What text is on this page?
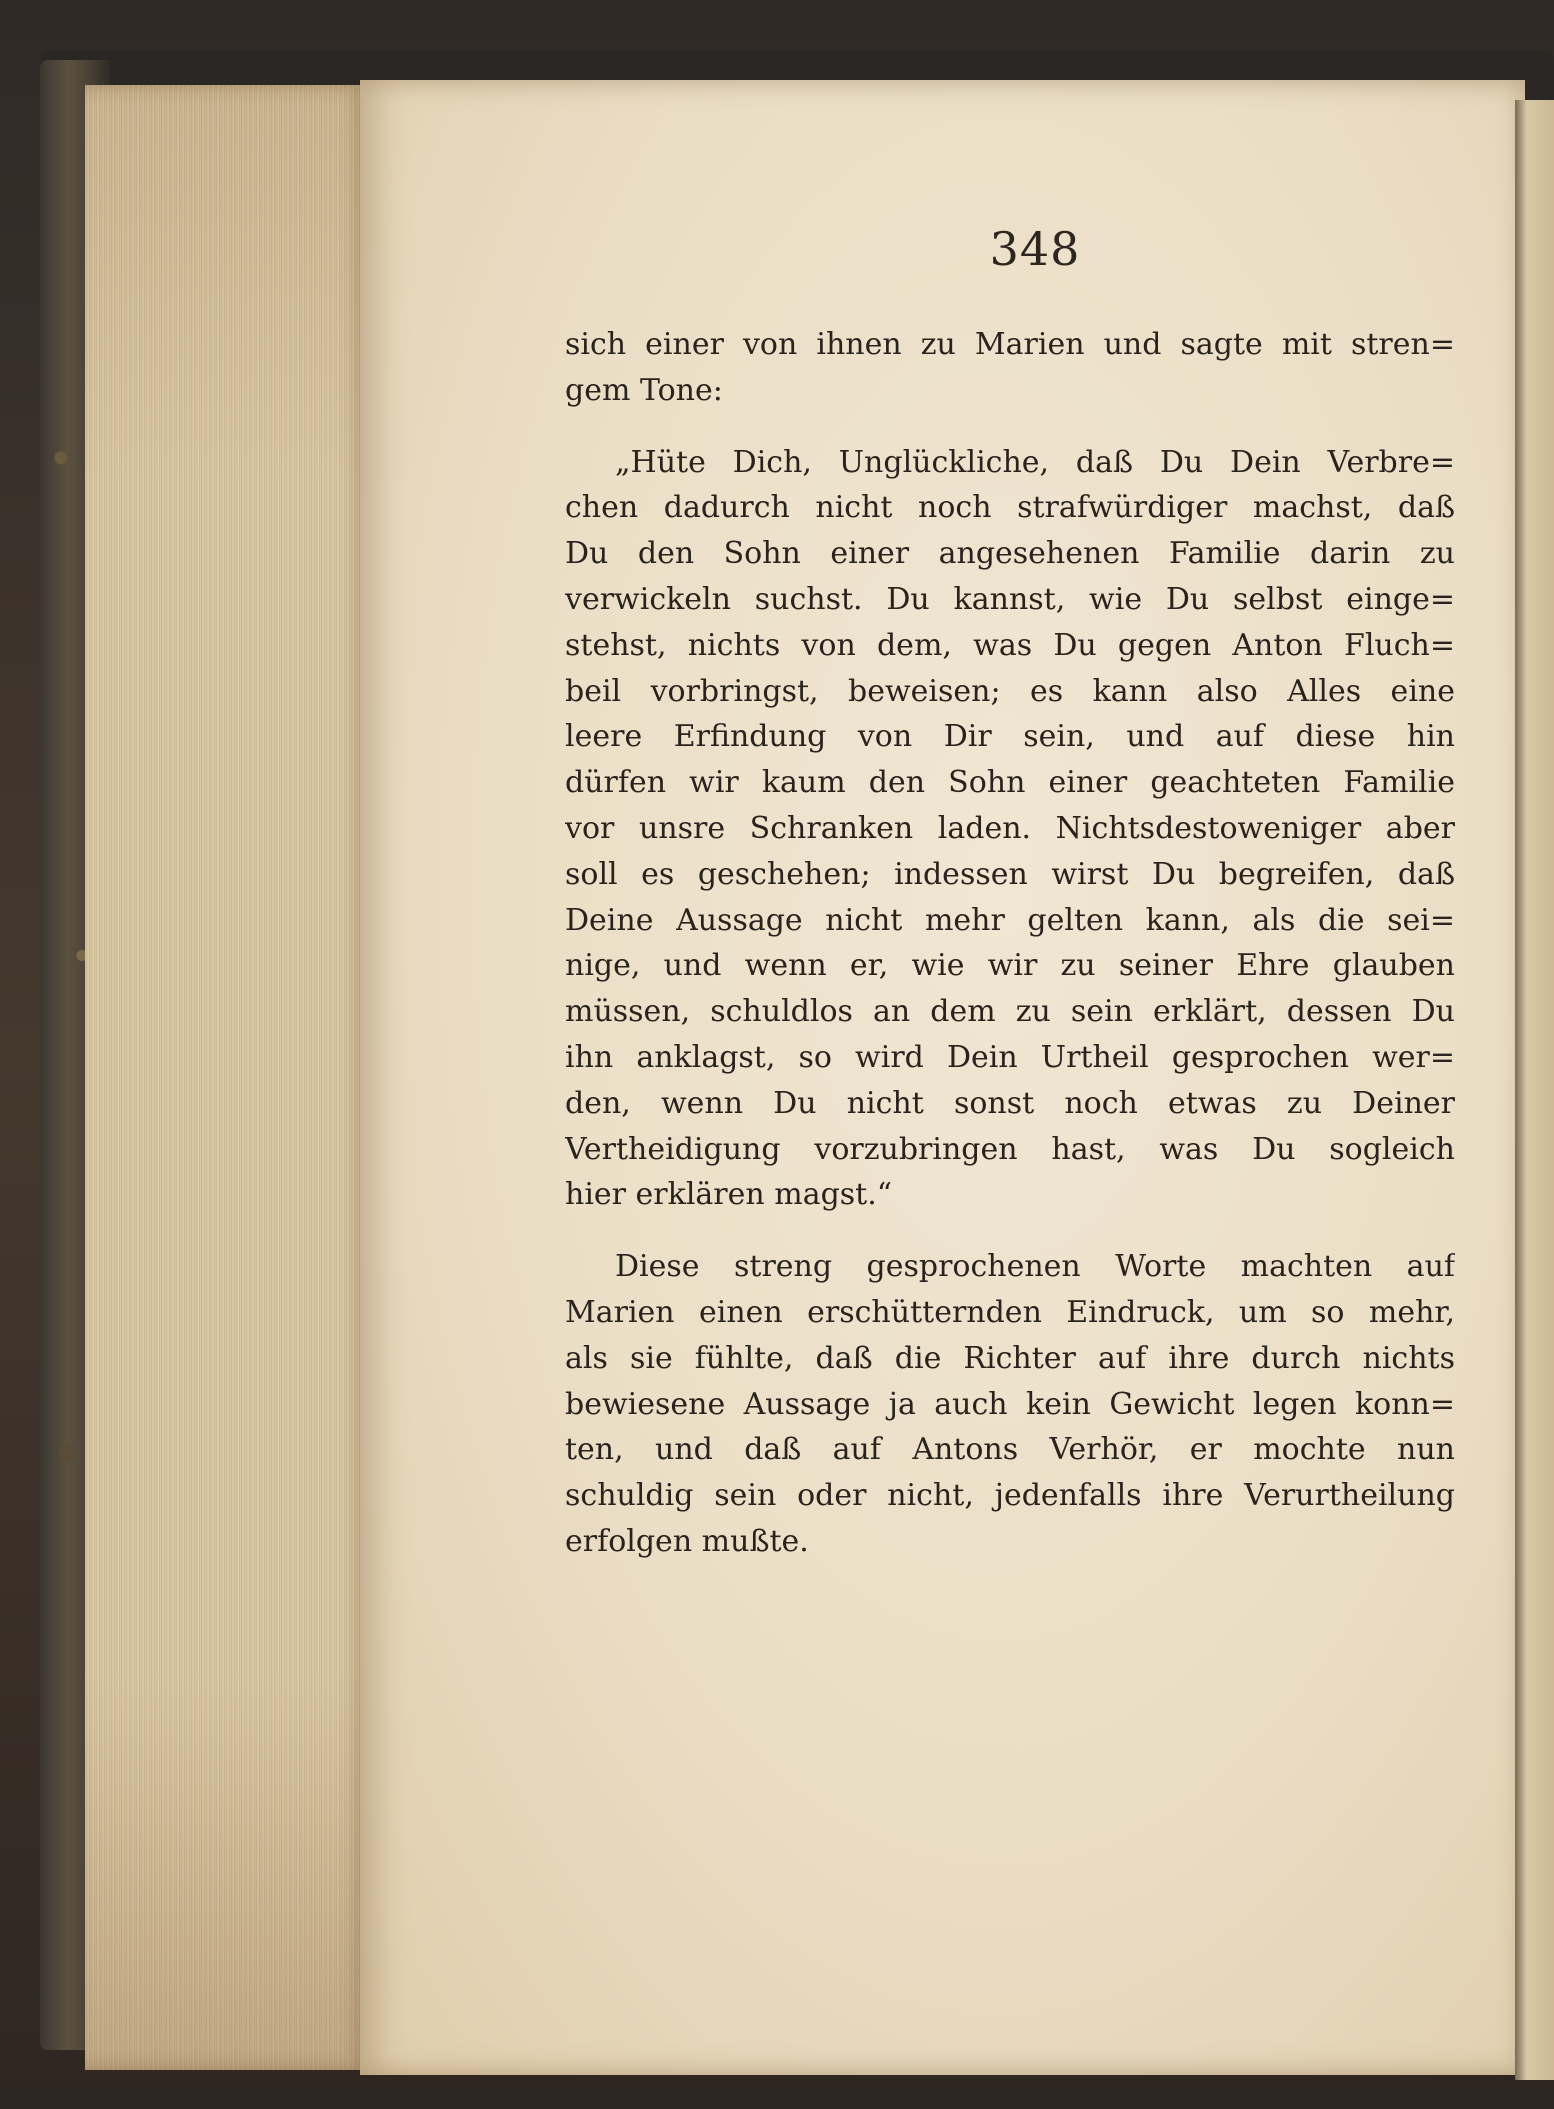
348
sich einer von ihnen zu Marien und sagte mit stren=
gem Tone:
„Hüte Dich, Unglückliche, daß Du Dein Verbre=
chen dadurch nicht noch strafwürdiger machst, daß
Du den Sohn einer angesehenen Familie darin zu
verwickeln suchst. Du kannst, wie Du selbst einge=
stehst, nichts von dem, was Du gegen Anton Fluch=
beil vorbringst, beweisen; es kann also Alles eine
leere Erfindung von Dir sein, und auf diese hin
dürfen wir kaum den Sohn einer geachteten Familie
vor unsre Schranken laden. Nichtsdestoweniger aber
soll es geschehen; indessen wirst Du begreifen, daß
Deine Aussage nicht mehr gelten kann, als die sei=
nige, und wenn er, wie wir zu seiner Ehre glauben
müssen, schuldlos an dem zu sein erklärt, dessen Du
ihn anklagst, so wird Dein Urtheil gesprochen wer=
den, wenn Du nicht sonst noch etwas zu Deiner
Vertheidigung vorzubringen hast, was Du sogleich
hier erklären magst.“
Diese streng gesprochenen Worte machten auf
Marien einen erschütternden Eindruck, um so mehr,
als sie fühlte, daß die Richter auf ihre durch nichts
bewiesene Aussage ja auch kein Gewicht legen konn=
ten, und daß auf Antons Verhör, er mochte nun
schuldig sein oder nicht, jedenfalls ihre Verurtheilung
erfolgen mußte.
